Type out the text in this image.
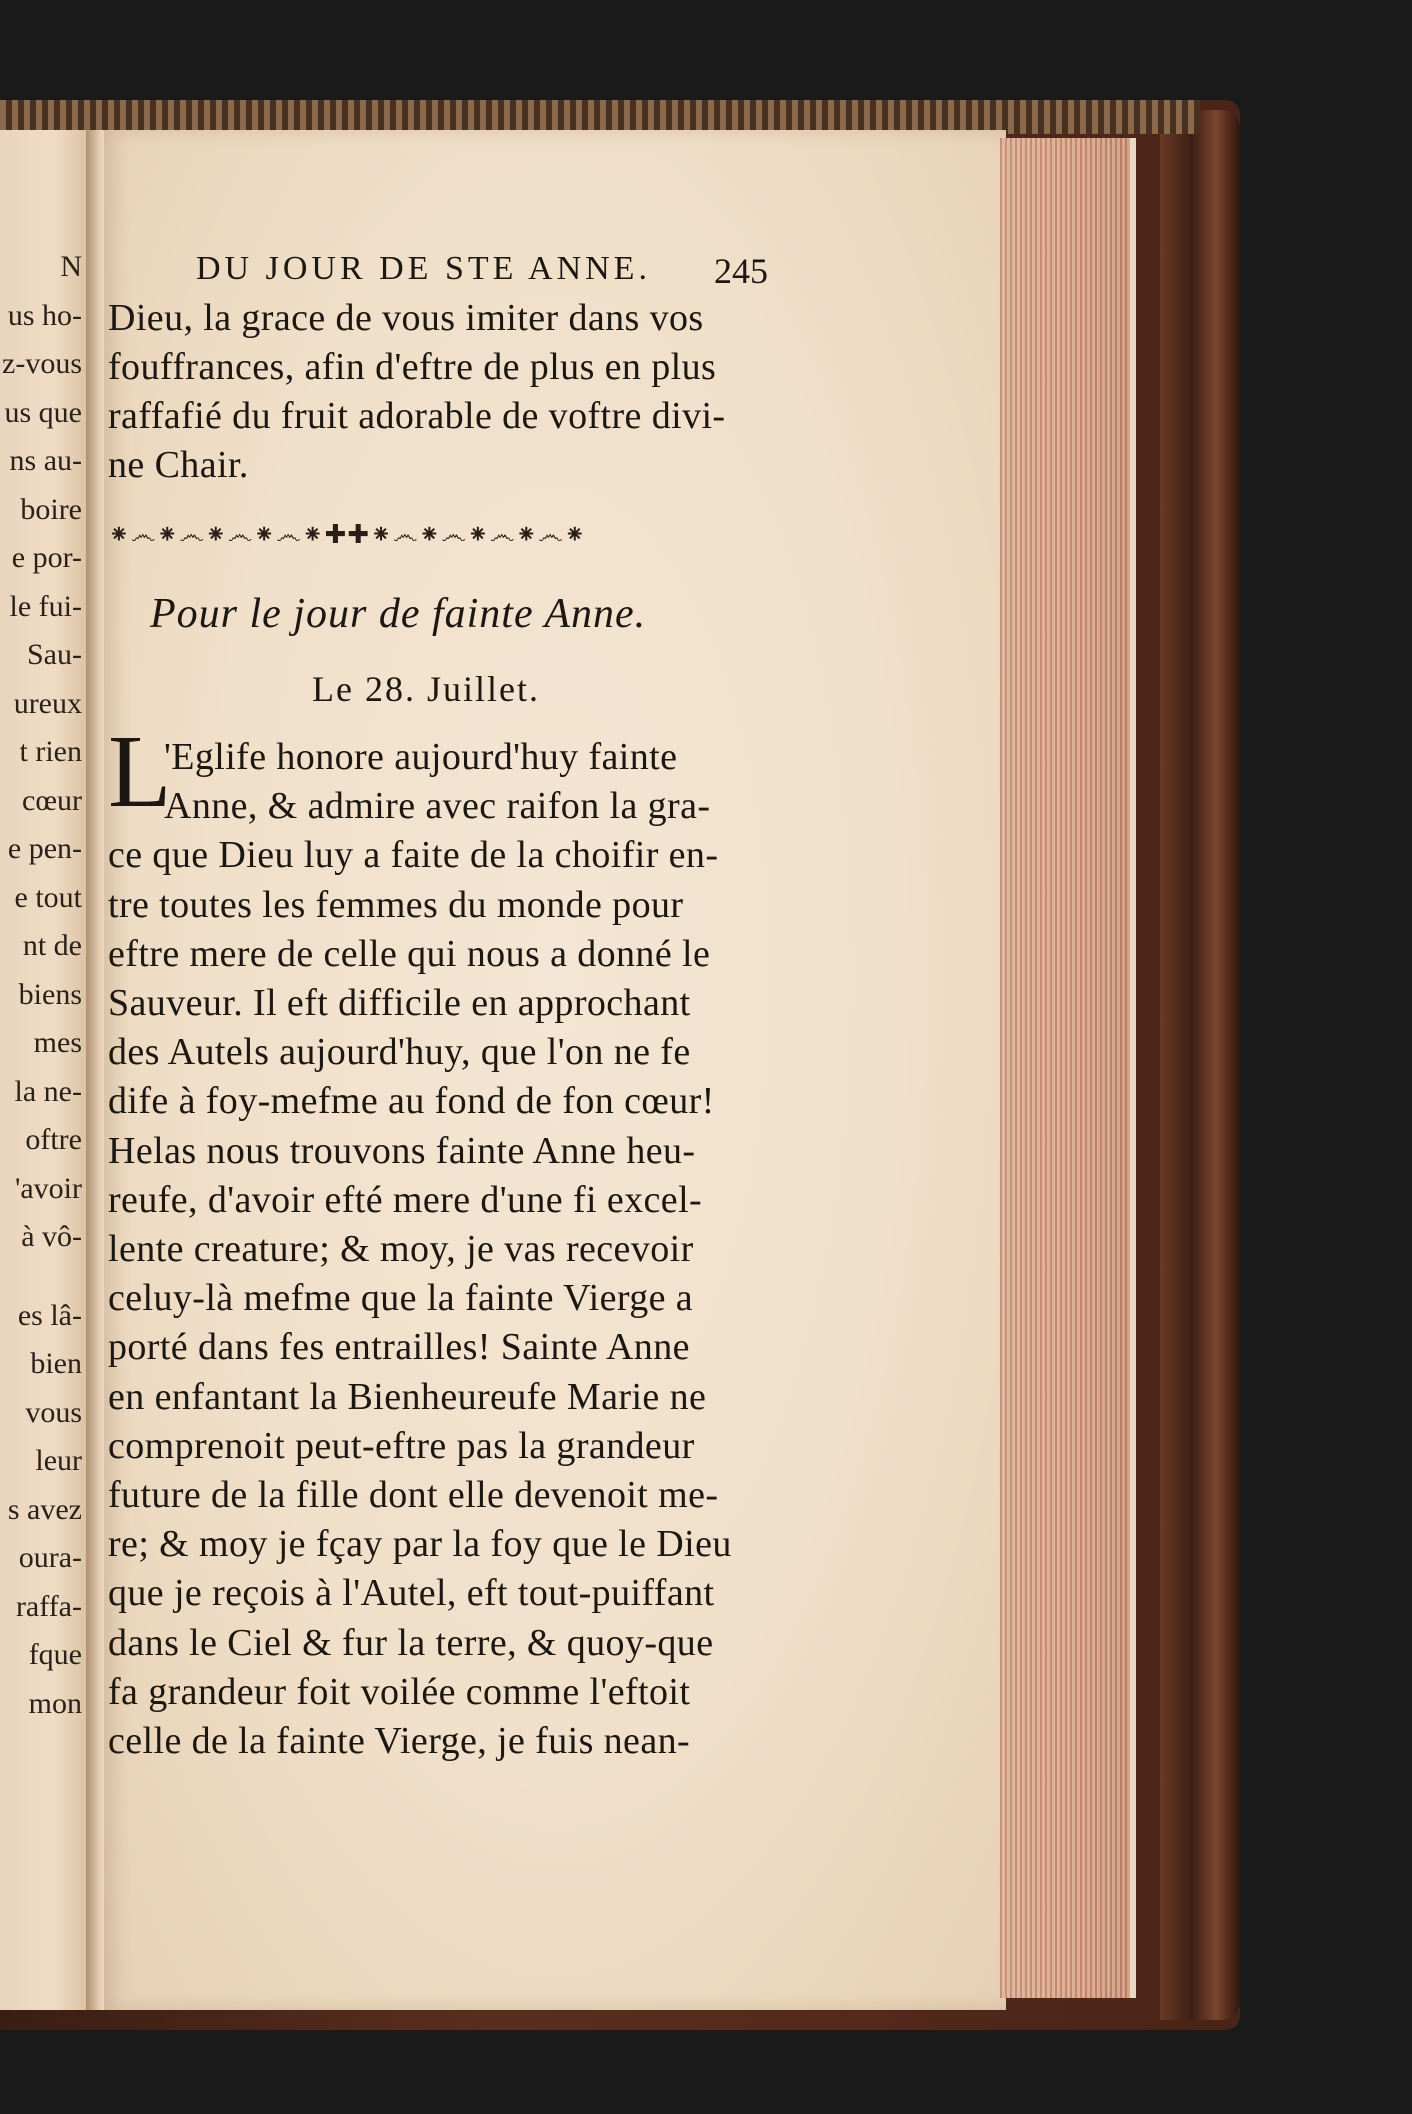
N
us ho-
z-vous
us que
ns au-
boire
e por-
le fui-
Sau-
ureux
t rien
cœur
e pen-
e tout
nt de
biens
mes
la ne-
oftre
'avoir
à vô-
es lâ-
bien
vous
leur
s avez
oura-
raffa-
fque
mon
DU JOUR DE STE ANNE. 245
Dieu, la grace de vous imiter dans vos
fouffrances, afin d'eftre de plus en plus
raffafié du fruit adorable de voftre divi-
ne Chair.
⁕෴⁕෴⁕෴⁕෴⁕✚✚⁕෴⁕෴⁕෴⁕෴⁕
Pour le jour de fainte Anne.
Le 28. Juillet.
L
'Eglife honore aujourd'huy fainte
Anne, & admire avec raifon la gra-
ce que Dieu luy a faite de la choifir en-
tre toutes les femmes du monde pour
eftre mere de celle qui nous a donné le
Sauveur. Il eft difficile en approchant
des Autels aujourd'huy, que l'on ne fe
dife à foy-mefme au fond de fon cœur!
Helas nous trouvons fainte Anne heu-
reufe, d'avoir efté mere d'une fi excel-
lente creature; & moy, je vas recevoir
celuy-là mefme que la fainte Vierge a
porté dans fes entrailles! Sainte Anne
en enfantant la Bienheureufe Marie ne
comprenoit peut-eftre pas la grandeur
future de la fille dont elle devenoit me-
re; & moy je fçay par la foy que le Dieu
que je reçois à l'Autel, eft tout-puiffant
dans le Ciel & fur la terre, & quoy-que
fa grandeur foit voilée comme l'eftoit
celle de la fainte Vierge, je fuis nean-
